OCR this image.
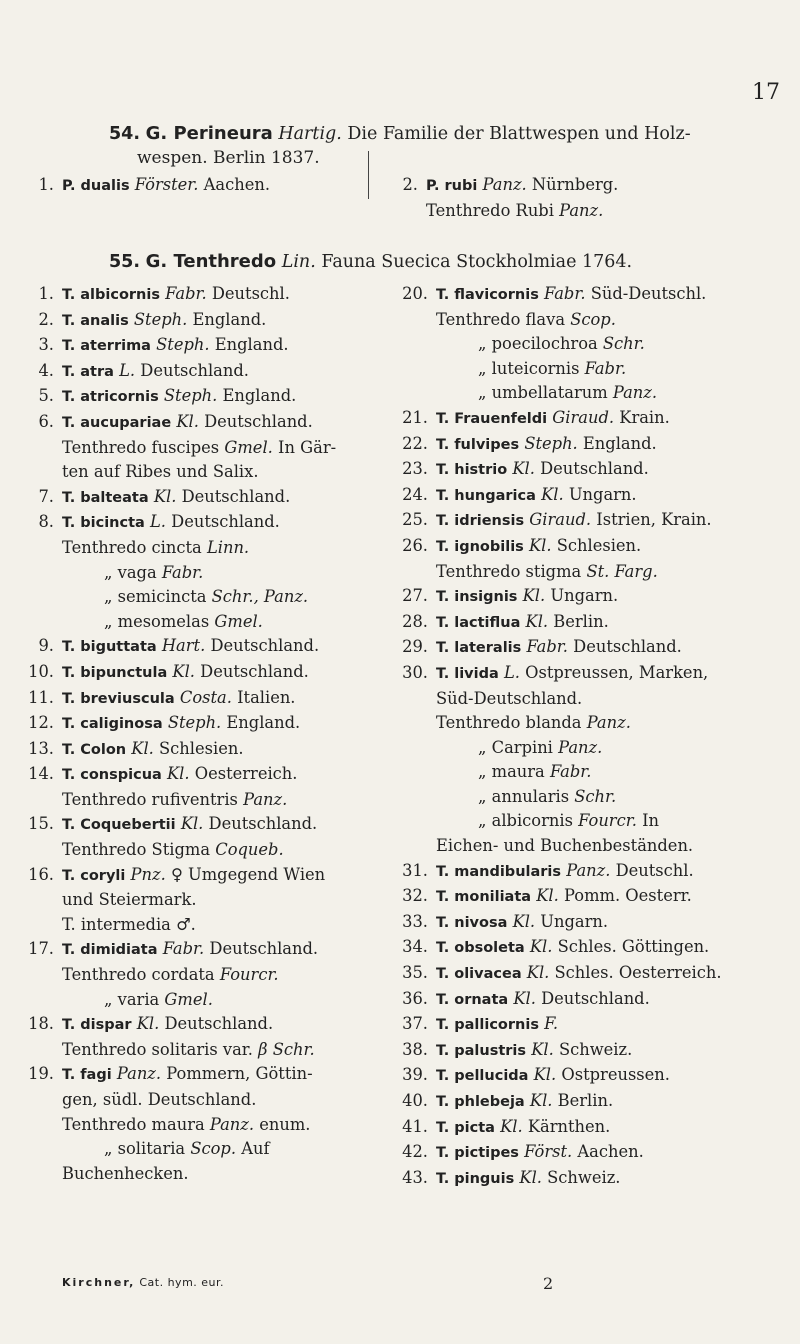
17
54. G. Perineura Hartig. Die Familie der Blattwespen und Holz-
wespen. Berlin 1837.
1. P. dualis Förster. Aachen.	2. P. rubi Panz. Nürnberg.
Tenthredo Rubi Panz.
55. G. Tenthredo Lin. Fauna Suecica Stockholmiae 1764.
1. T. albicornis Fabr. Deutschl.
2. T. analis Steph. England.
3. T. aterrima Steph. England.
4. T. atra L. Deutschland.
5. T. atricornis Steph. England.
6. T. aucupariae Kl. Deutschland.
Tenthredo fuscipes Gmel. In Gär-
ten auf Ribes und Salix.
7. T. balteata Kl. Deutschland.
8. T. bicincta L. Deutschland.
Tenthredo cincta Linn.
„ vaga Fabr.
„ semicincta Schr., Panz.
„ mesomelas Gmel.
9. T. biguttata Hart. Deutschland.
10. T. bipunctula Kl. Deutschland.
11. T. breviuscula Costa. Italien.
12. T. caliginosa Steph. England.
13. T. Colon Kl. Schlesien.
14. T. conspicua Kl. Oesterreich.
Tenthredo rufiventris Panz.
15. T. Coquebertii Kl. Deutschland.
Tenthredo Stigma Coqueb.
16. T. coryli Pnz. ♀ Umgegend Wien
und Steiermark.
T. intermedia ♂.
17. T. dimidiata Fabr. Deutschland.
Tenthredo cordata Fourcr.
„ varia Gmel.
18. T. dispar Kl. Deutschland.
Tenthredo solitaris var. β Schr.
19. T. fagi Panz. Pommern, Göttin-
gen, südl. Deutschland.
Tenthredo maura Panz. enum.
„ solitaria Scop. Auf
Buchenhecken.
20. T. flavicornis Fabr. Süd-Deutschl.
Tenthredo flava Scop.
„ poecilochroa Schr.
„ luteicornis Fabr.
„ umbellatarum Panz.
21. T. Frauenfeldi Giraud. Krain.
22. T. fulvipes Steph. England.
23. T. histrio Kl. Deutschland.
24. T. hungarica Kl. Ungarn.
25. T. idriensis Giraud. Istrien, Krain.
26. T. ignobilis Kl. Schlesien.
Tenthredo stigma St. Farg.
27. T. insignis Kl. Ungarn.
28. T. lactiflua Kl. Berlin.
29. T. lateralis Fabr. Deutschland.
30. T. livida L. Ostpreussen, Marken,
Süd-Deutschland.
Tenthredo blanda Panz.
„ Carpini Panz.
„ maura Fabr.
„ annularis Schr.
„ albicornis Fourcr. In
Eichen- und Buchenbeständen.
31. T. mandibularis Panz. Deutschl.
32. T. moniliata Kl. Pomm. Oesterr.
33. T. nivosa Kl. Ungarn.
34. T. obsoleta Kl. Schles. Göttingen.
35. T. olivacea Kl. Schles. Oesterreich.
36. T. ornata Kl. Deutschland.
37. T. pallicornis F.
38. T. palustris Kl. Schweiz.
39. T. pellucida Kl. Ostpreussen.
40. T. phlebeja Kl. Berlin.
41. T. picta Kl. Kärnthen.
42. T. pictipes Först. Aachen.
43. T. pinguis Kl. Schweiz.
Kirchner, Cat. hym. eur.	2
